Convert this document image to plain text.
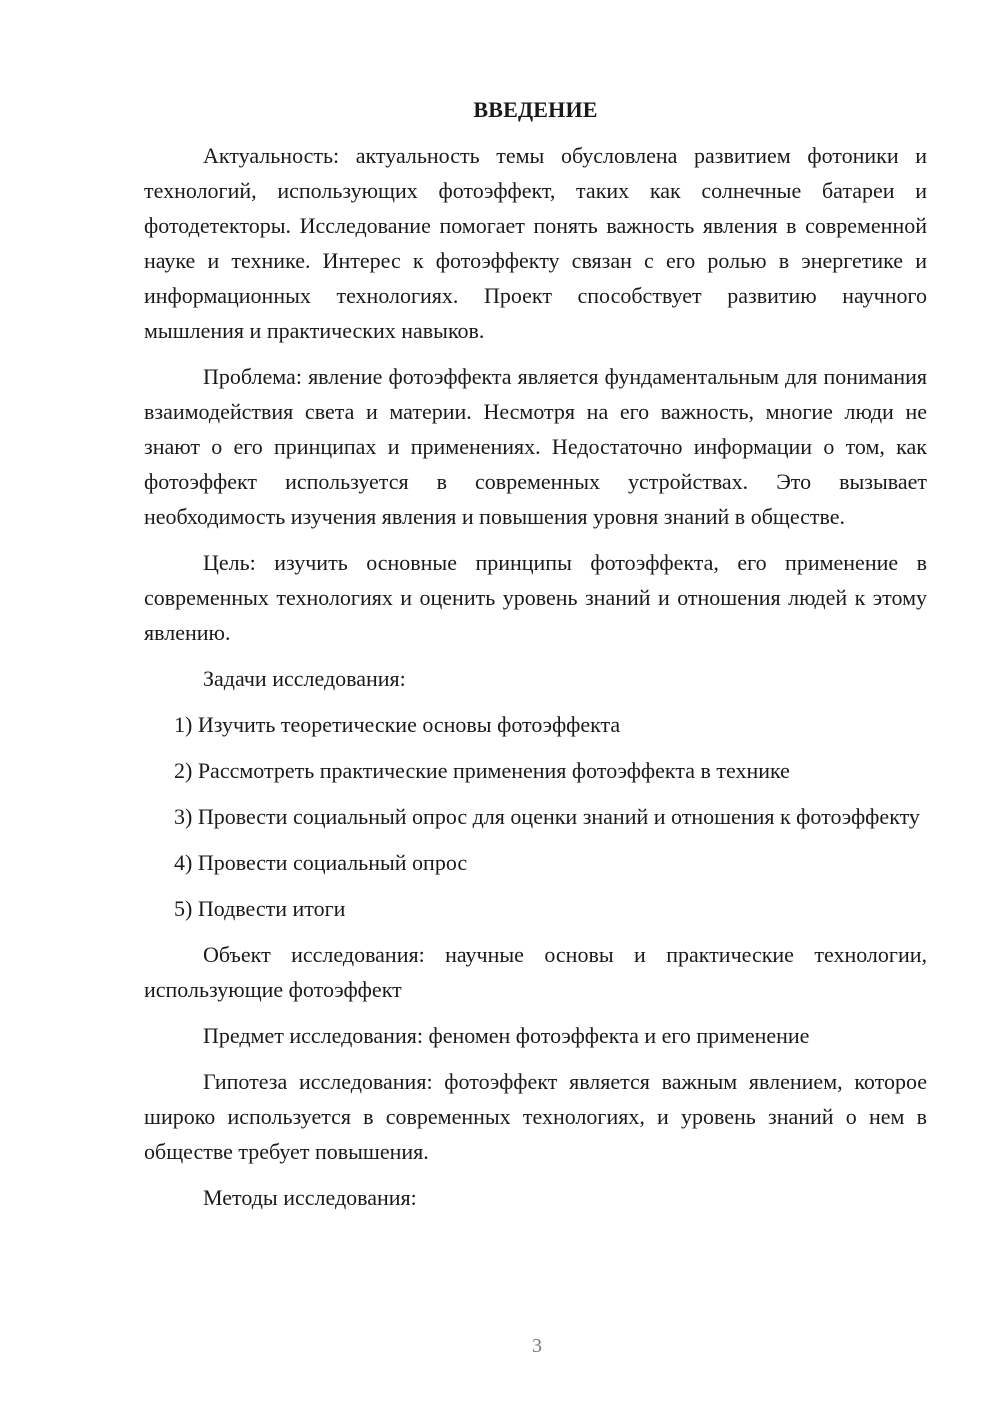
ВВЕДЕНИЕ

Актуальность: актуальность темы обусловлена развитием фотоники и технологий, использующих фотоэффект, таких как солнечные батареи и фотодетекторы. Исследование помогает понять важность явления в современной науке и технике. Интерес к фотоэффекту связан с его ролью в энергетике и информационных технологиях. Проект способствует развитию научного мышления и практических навыков.

Проблема: явление фотоэффекта является фундаментальным для понимания взаимодействия света и материи. Несмотря на его важность, многие люди не знают о его принципах и применениях. Недостаточно информации о том, как фотоэффект используется в современных устройствах. Это вызывает необходимость изучения явления и повышения уровня знаний в обществе.

Цель: изучить основные принципы фотоэффекта, его применение в современных технологиях и оценить уровень знаний и отношения людей к этому явлению.

Задачи исследования:

1) Изучить теоретические основы фотоэффекта

2) Рассмотреть практические применения фотоэффекта в технике

3) Провести социальный опрос для оценки знаний и отношения к фотоэффекту

4) Провести социальный опрос

5) Подвести итоги

Объект исследования: научные основы и практические технологии, использующие фотоэффект

Предмет исследования: феномен фотоэффекта и его применение

Гипотеза исследования: фотоэффект является важным явлением, которое широко используется в современных технологиях, и уровень знаний о нем в обществе требует повышения.

Методы исследования:

3
